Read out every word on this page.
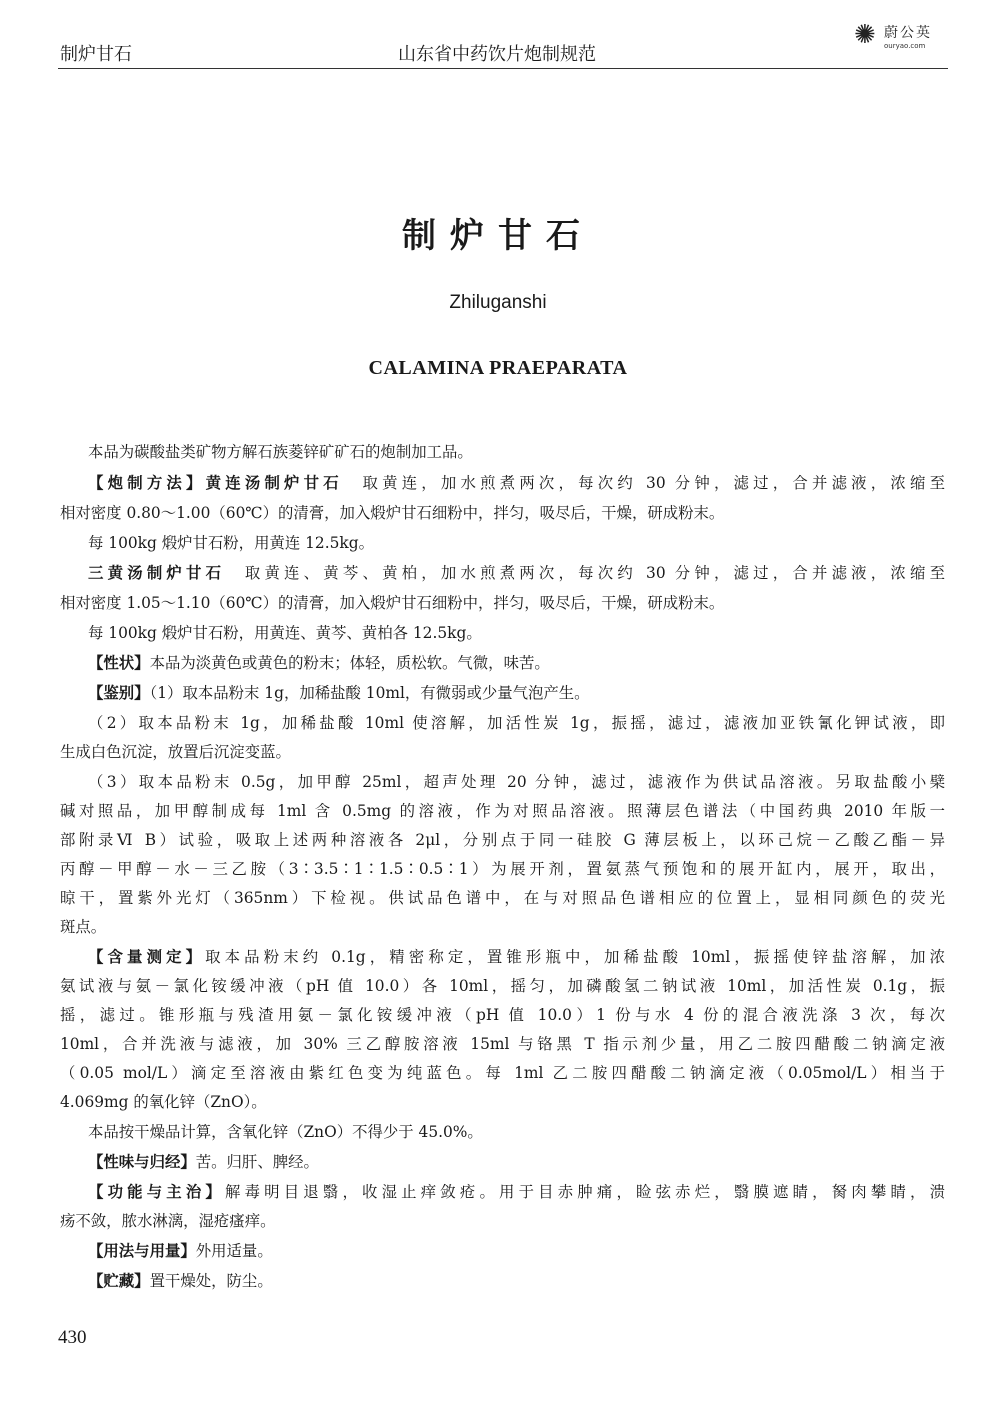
制炉甘石	山东省中药饮片炮制规范
✺ 蔚公英
ouryao.com
制炉甘石
Zhiluganshi
CALAMINA PRAEPARATA
本品为碳酸盐类矿物方解石族菱锌矿矿石的炮制加工品。
【炮制方法】黄连汤制炉甘石　取黄连，加水煎煮两次，每次约 30 分钟，滤过，合并滤液，浓缩至
相对密度 0.80～1.00（60℃）的清膏，加入煅炉甘石细粉中，拌匀，吸尽后，干燥，研成粉末。
每 100kg 煅炉甘石粉，用黄连 12.5kg。
三黄汤制炉甘石　取黄连、黄芩、黄柏，加水煎煮两次，每次约 30 分钟，滤过，合并滤液，浓缩至
相对密度 1.05～1.10（60℃）的清膏，加入煅炉甘石细粉中，拌匀，吸尽后，干燥，研成粉末。
每 100kg 煅炉甘石粉，用黄连、黄芩、黄柏各 12.5kg。
【性状】本品为淡黄色或黄色的粉末；体轻，质松软。气微，味苦。
【鉴别】（1）取本品粉末 1g，加稀盐酸 10ml，有微弱或少量气泡产生。
（2）取本品粉末 1g，加稀盐酸 10ml 使溶解，加活性炭 1g，振摇，滤过，滤液加亚铁氰化钾试液，即
生成白色沉淀，放置后沉淀变蓝。
（3）取本品粉末 0.5g，加甲醇 25ml，超声处理 20 分钟，滤过，滤液作为供试品溶液。另取盐酸小檗
碱对照品，加甲醇制成每 1ml 含 0.5mg 的溶液，作为对照品溶液。照薄层色谱法（中国药典 2010 年版一
部附录Ⅵ B）试验，吸取上述两种溶液各 2μl，分别点于同一硅胶 G 薄层板上，以环己烷－乙酸乙酯－异
丙醇－甲醇－水－三乙胺（3∶3.5∶1∶1.5∶0.5∶1）为展开剂，置氨蒸气预饱和的展开缸内，展开，取出，
晾干，置紫外光灯（365nm）下检视。供试品色谱中，在与对照品色谱相应的位置上，显相同颜色的荧光
斑点。
【含量测定】取本品粉末约 0.1g，精密称定，置锥形瓶中，加稀盐酸 10ml，振摇使锌盐溶解，加浓
氨试液与氨－氯化铵缓冲液（pH 值 10.0）各 10ml，摇匀，加磷酸氢二钠试液 10ml，加活性炭 0.1g，振
摇，滤过。锥形瓶与残渣用氨－氯化铵缓冲液（pH 值 10.0）1 份与水 4 份的混合液洗涤 3 次，每次
10ml，合并洗液与滤液，加 30% 三乙醇胺溶液 15ml 与铬黑 T 指示剂少量，用乙二胺四醋酸二钠滴定液
（0.05 mol/L）滴定至溶液由紫红色变为纯蓝色。每 1ml 乙二胺四醋酸二钠滴定液（0.05mol/L）相当于
4.069mg 的氧化锌（ZnO）。
本品按干燥品计算，含氧化锌（ZnO）不得少于 45.0%。
【性味与归经】苦。归肝、脾经。
【功能与主治】解毒明目退翳，收湿止痒敛疮。用于目赤肿痛，睑弦赤烂，翳膜遮睛，胬肉攀睛，溃
疡不敛，脓水淋漓，湿疮瘙痒。
【用法与用量】外用适量。
【贮藏】置干燥处，防尘。
430
